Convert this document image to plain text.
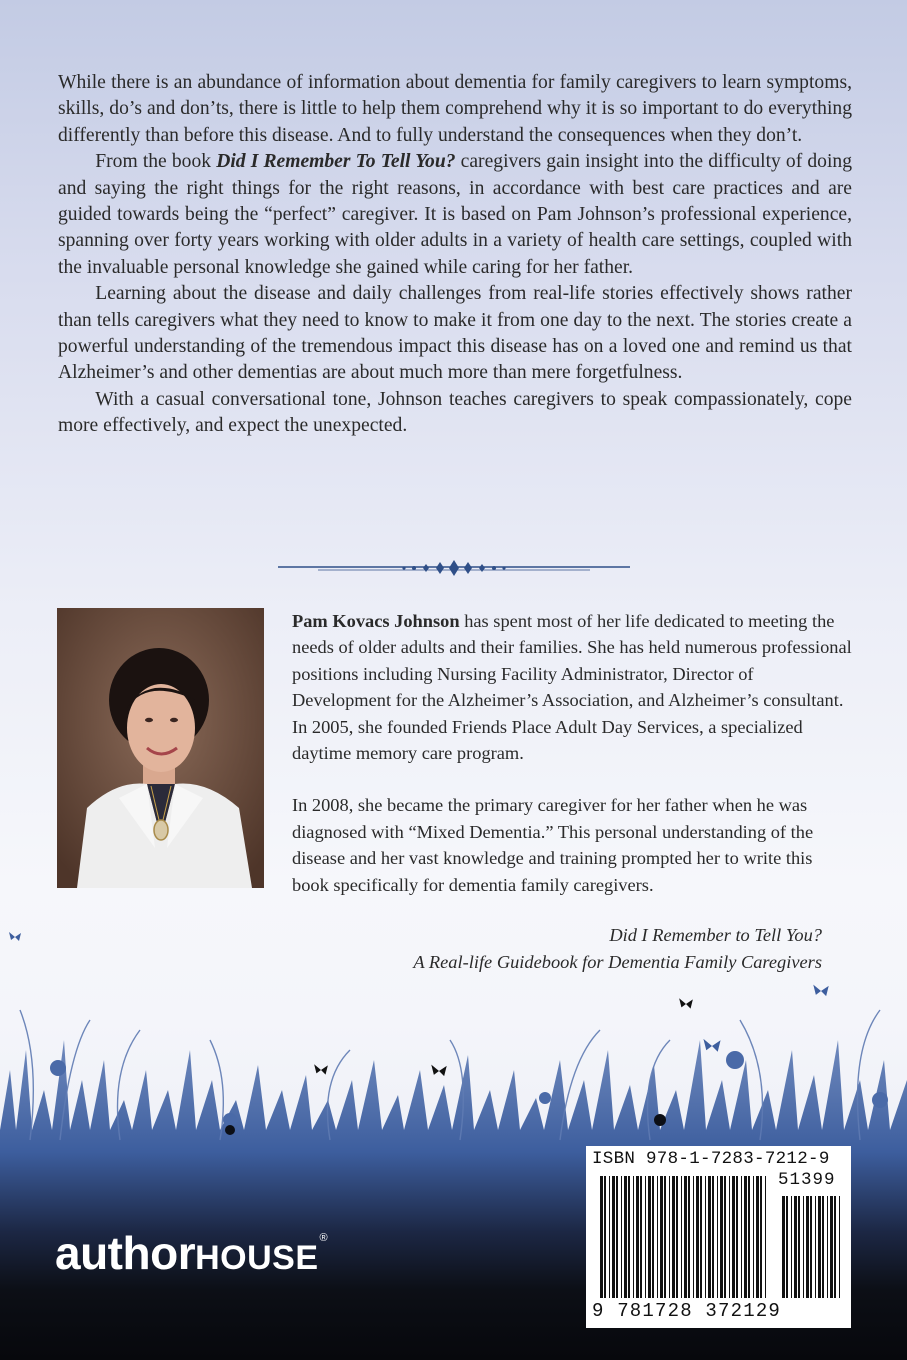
While there is an abundance of information about dementia for family caregivers to learn symptoms, skills, do’s and don’ts, there is little to help them comprehend why it is so important to do everything differently than before this disease. And to fully understand the consequences when they don’t.

From the book Did I Remember To Tell You? caregivers gain insight into the difficulty of doing and saying the right things for the right reasons, in accordance with best care practices and are guided towards being the “perfect” caregiver. It is based on Pam Johnson’s professional experience, spanning over forty years working with older adults in a variety of health care settings, coupled with the invaluable personal knowledge she gained while caring for her father.

Learning about the disease and daily challenges from real-life stories effectively shows rather than tells caregivers what they need to know to make it from one day to the next. The stories create a powerful understanding of the tremendous impact this disease has on a loved one and remind us that Alzheimer’s and other dementias are about much more than mere forgetfulness.

With a casual conversational tone, Johnson teaches caregivers to speak compassionately, cope more effectively, and expect the unexpected.

Pam Kovacs Johnson has spent most of her life dedicated to meeting the needs of older adults and their families. She has held numerous professional positions including Nursing Facility Administrator, Director of Development for the Alzheimer’s Association, and Alzheimer’s consultant. In 2005, she founded Friends Place Adult Day Services, a specialized daytime memory care program.

In 2008, she became the primary caregiver for her father when he was diagnosed with “Mixed Dementia.” This personal understanding of the disease and her vast knowledge and training prompted her to write this book specifically for dementia family caregivers.

Did I Remember to Tell You?
A Real-life Guidebook for Dementia Family Caregivers
authorHOUSE®
ISBN 978-1-7283-7212-9
51399
9 781728 372129
